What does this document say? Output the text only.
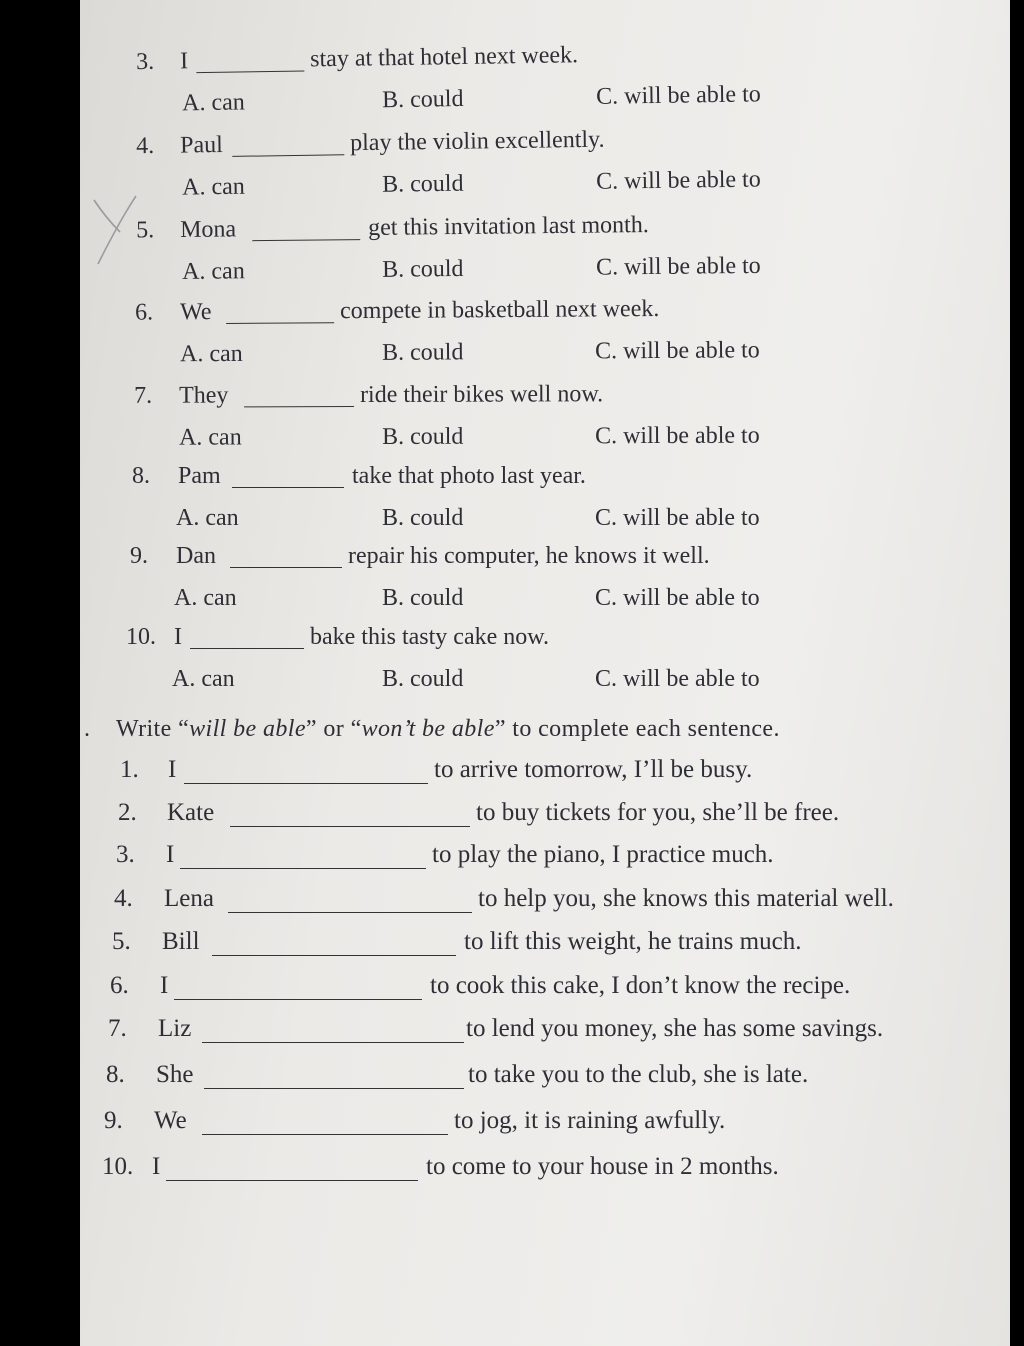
3. I	stay at that hotel next week.
A. can	B. could	C. will be able to
4. Paul	play the violin excellently.
A. can	B. could	C. will be able to
5. Mona	get this invitation last month.
A. can	B. could	C. will be able to
6. We	compete in basketball next week.
A. can	B. could	C. will be able to
7. They	ride their bikes well now.
A. can	B. could	C. will be able to
8. Pam	take that photo last year.
A. can	B. could	C. will be able to
9. Dan	repair his computer, he knows it well.
A. can	B. could	C. will be able to
10. I	bake this tasty cake now.
A. can	B. could	C. will be able to
. Write “will be able” or “won’t be able” to complete each sentence.
1. I	to arrive tomorrow, I’ll be busy.
2. Kate	to buy tickets for you, she’ll be free.
3. I	to play the piano, I practice much.
4. Lena	to help you, she knows this material well.
5. Bill	to lift this weight, he trains much.
6. I	to cook this cake, I don’t know the recipe.
7. Liz	to lend you money, she has some savings.
8. She	to take you to the club, she is late.
9. We	to jog, it is raining awfully.
10. I	to come to your house in 2 months.
